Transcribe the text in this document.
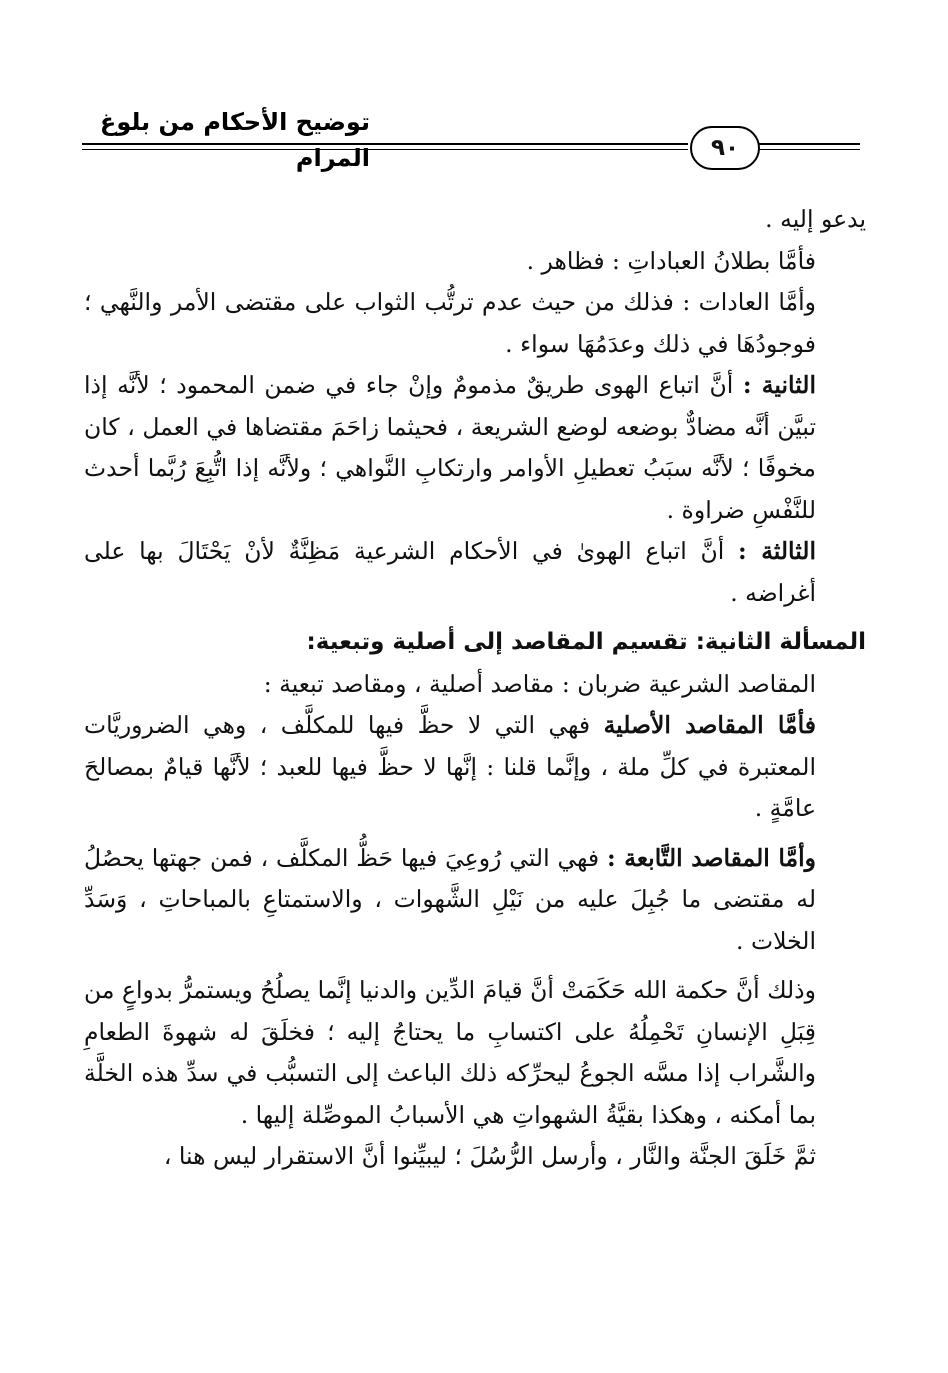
توضيح الأحكام من بلوغ المرام	٩٠

يدعو إليه .

فأمَّا بطلانُ العباداتِ : فظاهر .

وأمَّا العادات : فذلك من حيث عدم ترتُّب الثواب على مقتضى الأمر والنَّهي ؛ فوجودُهَا في ذلك وعدَمُهَا سواء .

الثانية : أنَّ اتباع الهوى طريقٌ مذمومٌ وإنْ جاء في ضمن المحمود ؛ لأنَّه إذا تبيَّن أنَّه مضادٌّ بوضعه لوضع الشريعة ، فحيثما زاحَمَ مقتضاها في العمل ، كان مخوفًا ؛ لأنَّه سبَبُ تعطيلِ الأوامر وارتكابِ النَّواهي ؛ ولأنَّه إذا اتُّبِعَ رُبَّما أحدث للنَّفْسِ ضراوة .

الثالثة : أنَّ اتباع الهوىٰ في الأحكام الشرعية مَظِنَّةٌ لأنْ يَحْتَالَ بها على أغراضه .

المسألة الثانية: تقسيم المقاصد إلى أصلية وتبعية:

المقاصد الشرعية ضربان : مقاصد أصلية ، ومقاصد تبعية :

فأمَّا المقاصد الأصلية فهي التي لا حظَّ فيها للمكلَّف ، وهي الضروريَّات المعتبرة في كلِّ ملة ، وإنَّما قلنا : إنَّها لا حظَّ فيها للعبد ؛ لأنَّها قيامٌ بمصالحَ عامَّةٍ .

وأمَّا المقاصد التَّابعة : فهي التي رُوعِيَ فيها حَظُّ المكلَّف ، فمن جهتها يحصُلُ له مقتضى ما جُبِلَ عليه من نَيْلِ الشَّهوات ، والاستمتاعِ بالمباحاتِ ، وَسَدِّ الخلات .

وذلك أنَّ حكمة الله حَكَمَتْ أنَّ قيامَ الدِّين والدنيا إنَّما يصلُحُ ويستمرُّ بدواعٍ من قِبَلِ الإنسانِ تَحْمِلُهُ على اكتسابِ ما يحتاجُ إليه ؛ فخلَقَ له شهوةَ الطعامِ والشَّراب إذا مسَّه الجوعُ ليحرِّكه ذلك الباعث إلى التسبُّب في سدِّ هذه الخلَّة بما أمكنه ، وهكذا بقيَّةُ الشهواتِ هي الأسبابُ الموصِّلة إليها .

ثمَّ خَلَقَ الجنَّة والنَّار ، وأرسل الرُّسُلَ ؛ ليبيِّنوا أنَّ الاستقرار ليس هنا ،
